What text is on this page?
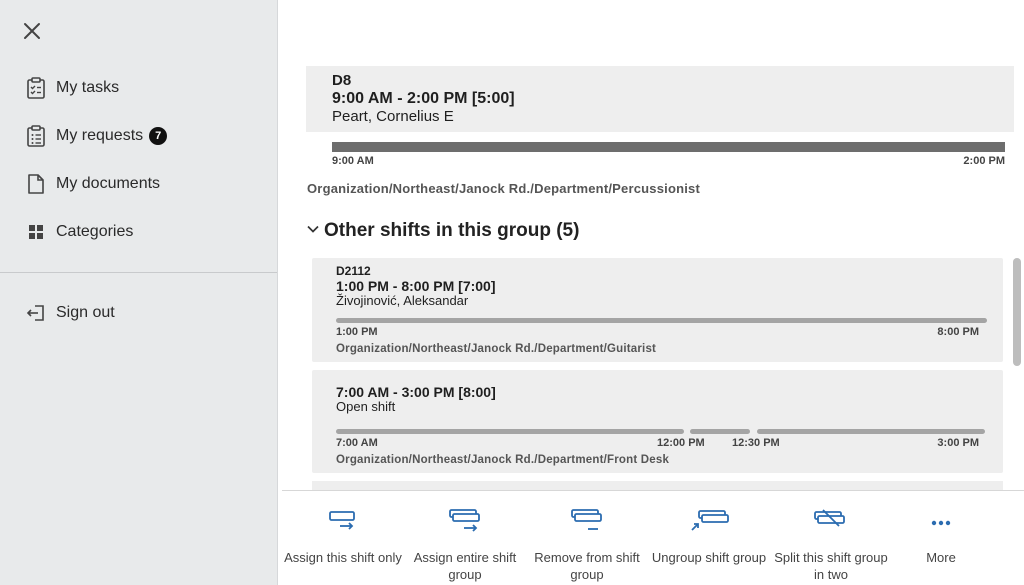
My tasks
My requests	7
My documents
Categories
Sign out
D8
9:00 AM - 2:00 PM [5:00]
Peart, Cornelius E
9:00 AM	2:00 PM
Organization/Northeast/Janock Rd./Department/Percussionist
Other shifts in this group (5)
D2112
1:00 PM - 8:00 PM [7:00]
Živojinović, Aleksandar
1:00 PM	8:00 PM
Organization/Northeast/Janock Rd./Department/Guitarist
7:00 AM - 3:00 PM [8:00]
Open shift
7:00 AM	12:00 PM 12:30 PM	3:00 PM
Organization/Northeast/Janock Rd./Department/Front Desk
Assign this shift only Assign entire shift group
Remove from shift group
Ungroup shift group Split this shift group in two
More
